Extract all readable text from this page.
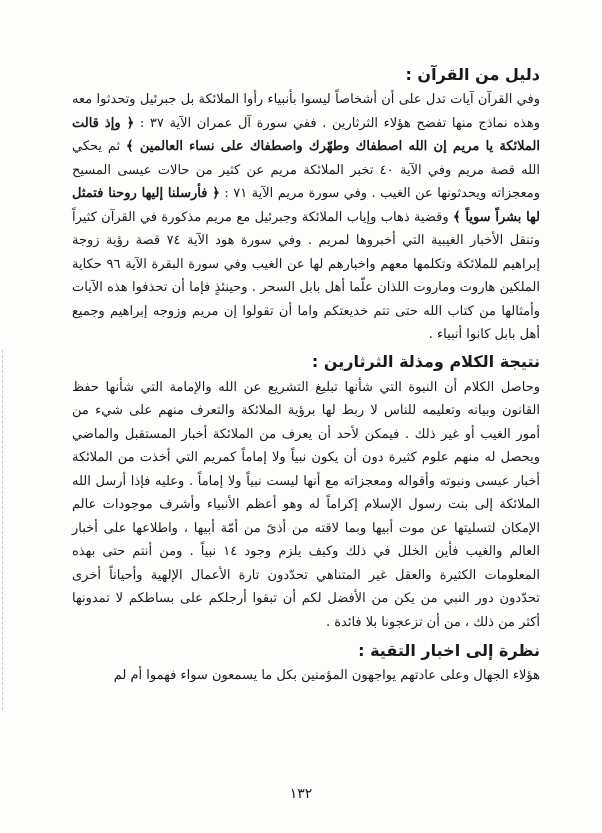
دليل من القرآن :

وفي القرآن آيات تدل على أن أشخاصاً ليسوا بأنبياء رأوا الملائكة بل جبرئيل وتحدثوا معه وهذه نماذج منها تفضح هؤلاء الثرثارين . ففي سورة آل عمران الآية ٣٧ : ﴿ وإذ قالت الملائكة يا مريم إن الله اصطفاك وطهّرك واصطفاك على نساء العالمين ﴾ ثم يحكي الله قصة مريم وفي الآية ٤٠ تخبر الملائكة مريم عن كثير من حالات عيسى المسيح ومعجزاته ويحدثونها عن الغيب . وفي سورة مريم الآية ٧١ : ﴿ فأرسلنا إليها روحنا فتمثل لها بشراً سوياً ﴾ وقضية ذهاب وإياب الملائكة وجبرئيل مع مريم مذكورة في القرآن كثيراً وتنقل الأخبار الغيبية التي أخبروها لمريم . وفي سورة هود الآية ٧٤ قصة رؤية زوجة إبراهيم للملائكة وتكلمها معهم واخبارهم لها عن الغيب وفي سورة البقرة الآية ٩٦ حكاية الملكين هاروت وماروت اللذان علّما أهل بابل السحر . وحينئذٍ فإما أن تحذفوا هذه الآيات وأمثالها من كتاب الله حتى تتم خديعتكم واما أن تقولوا إن مريم وزوجه إبراهيم وجميع أهل بابل كانوا أنبياء .

نتيجة الكلام ومذلة الثرثارين :

وحاصل الكلام أن النبوة التي شأنها تبليغ التشريع عن الله والإمامة التي شأنها حفظ القانون وبيانه وتعليمه للناس لا ربط لها برؤية الملائكة والتعرف منهم على شيء من أمور الغيب أو غير ذلك . فيمكن لأحد أن يعرف من الملائكة أخبار المستقبل والماضي ويحصل له منهم علوم كثيرة دون أن يكون نبياً ولا إماماً كمريم التي أخذت من الملائكة أخبار عيسى ونبوته وأقواله ومعجزاته مع أنها ليست نبياً ولا إماماً . وعليه فإذا أرسل الله الملائكة إلى بنت رسول الإسلام إكراماً له وهو أعظم الأنبياء وأشرف موجودات عالم الإمكان لتسليتها عن موت أبيها وبما لاقته من أذىً من أمّة أبيها ، واطلاعها على أخبار العالم والغيب فأين الخلل في ذلك وكيف يلزم وجود ١٤ نبياً . ومن أنتم حتى بهذه المعلومات الكثيرة والعقل غير المتناهي تحدّدون تارة الأعمال الإلهية وأحياناً أخرى تحدّدون دور النبي من يكن من الأفضل لكم أن تبقوا أرجلكم على بساطكم لا تمدونها أكثر من ذلك ، من أن تزعجونا بلا فائدة .

نظرة إلى اخبار التقية :

هؤلاء الجهال وعلى عادتهم يواجهون المؤمنين بكل ما يسمعون سواء فهموا أم لم

١٣٢
